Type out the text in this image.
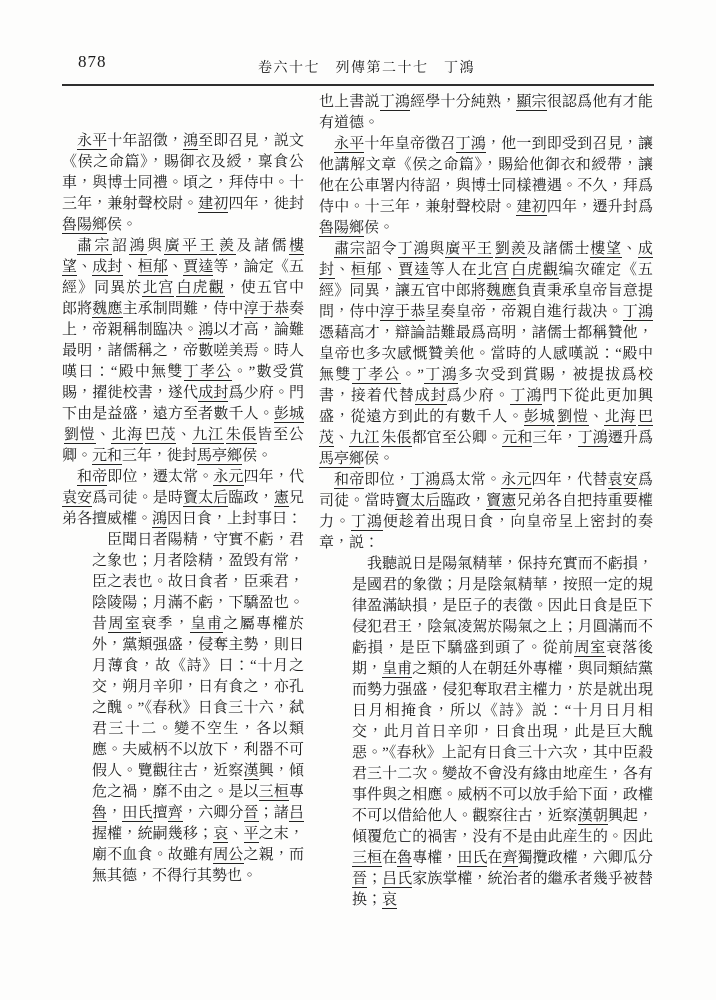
878	卷六十七　列傳第二十七　丁鴻

永平十年詔徵，鴻至即召見，説文《侯之命篇》，賜御衣及綬，稟食公車，與博士同禮。頃之，拜侍中。十三年，兼射聲校尉。建初四年，徙封魯陽鄉侯。

肅宗詔鴻與廣平王 羨及諸儒樓望、成封、桓郁、賈逵等，論定《五經》同異於北宫 白虎觀，使五官中郎將魏應主承制問難，侍中淳于恭奏上，帝親稱制臨决。鴻以才高，論難最明，諸儒稱之，帝數嗟美焉。時人嘆曰：“殿中無雙丁孝公。”數受賞賜，擢徙校書，遂代成封爲少府。門下由是益盛，遠方至者數千人。彭城劉愷、北海 巴茂、九江 朱倀皆至公卿。元和三年，徙封馬亭鄉侯。

和帝即位，遷太常。永元四年，代袁安爲司徒。是時竇太后臨政，憲兄弟各擅威權。鴻因日食，上封事曰：

臣聞日者陽精，守實不虧，君之象也；月者陰精，盈毁有常，臣之表也。故日食者，臣乘君，陰陵陽；月滿不虧，下驕盈也。昔周室衰季，皇甫之屬專權於外，黨類强盛，侵奪主勢，則日月薄食，故《詩》曰：“十月之交，朔月辛卯，日有食之，亦孔之醜。”《春秋》日食三十六，弑君三十二。變不空生，各以類應。夫威柄不以放下，利器不可假人。覽觀往古，近察漢興，傾危之禍，靡不由之。是以三桓專魯，田氏擅齊，六卿分晉；諸吕握權，統嗣幾移；哀、平之末，廟不血食。故雖有周公之親，而無其德，不得行其勢也。

也上書説丁鴻經學十分純熟，顯宗很認爲他有才能有道德。

永平十年皇帝徵召丁鴻，他一到即受到召見，讓他講解文章《侯之命篇》，賜給他御衣和綬帶，讓他在公車署内待詔，與博士同樣禮遇。不久，拜爲侍中。十三年，兼射聲校尉。建初四年，遷升封爲魯陽鄉侯。

肅宗詔令丁鴻與廣平王 劉羨及諸儒士樓望、成封、桓郁、賈逵等人在北宫 白虎觀编次確定《五經》同異，讓五官中郎將魏應負責秉承皇帝旨意提問，侍中淳于恭呈奏皇帝，帝親自進行裁决。丁鴻憑藉高才，辯論詰難最爲高明，諸儒士都稱贊他，皇帝也多次感慨贊美他。當時的人感嘆説：“殿中無雙丁孝公。”丁鴻多次受到賞賜，被提拔爲校書，接着代替成封爲少府。丁鴻門下從此更加興盛，從遠方到此的有數千人。彭城 劉愷、北海 巴茂、九江 朱倀都官至公卿。元和三年，丁鴻遷升爲馬亭鄉侯。

和帝即位，丁鴻爲太常。永元四年，代替袁安爲司徒。當時竇太后臨政，竇憲兄弟各自把持重要權力。丁鴻便趁着出現日食，向皇帝呈上密封的奏章，説：

我聽説日是陽氣精華，保持充實而不虧損，是國君的象徵；月是陰氣精華，按照一定的規律盈滿缺損，是臣子的表徵。因此日食是臣下侵犯君王，陰氣凌駕於陽氣之上；月圓滿而不虧損，是臣下驕盛到頭了。從前周室衰落後期，皇甫之類的人在朝廷外專權，與同類結黨而勢力强盛，侵犯奪取君主權力，於是就出現日月相掩食，所以《詩》説：“十月日月相交，此月首日辛卯，日食出現，此是巨大醜惡。”《春秋》上記有日食三十六次，其中臣殺君三十二次。變故不會没有緣由地産生，各有事件與之相應。威柄不可以放手給下面，政權不可以借給他人。觀察往古，近察漢朝興起，傾覆危亡的禍害，没有不是由此産生的。因此三桓在魯專權，田氏在齊獨攬政權，六卿瓜分晉；吕氏家族掌權，統治者的繼承者幾乎被替换；哀
